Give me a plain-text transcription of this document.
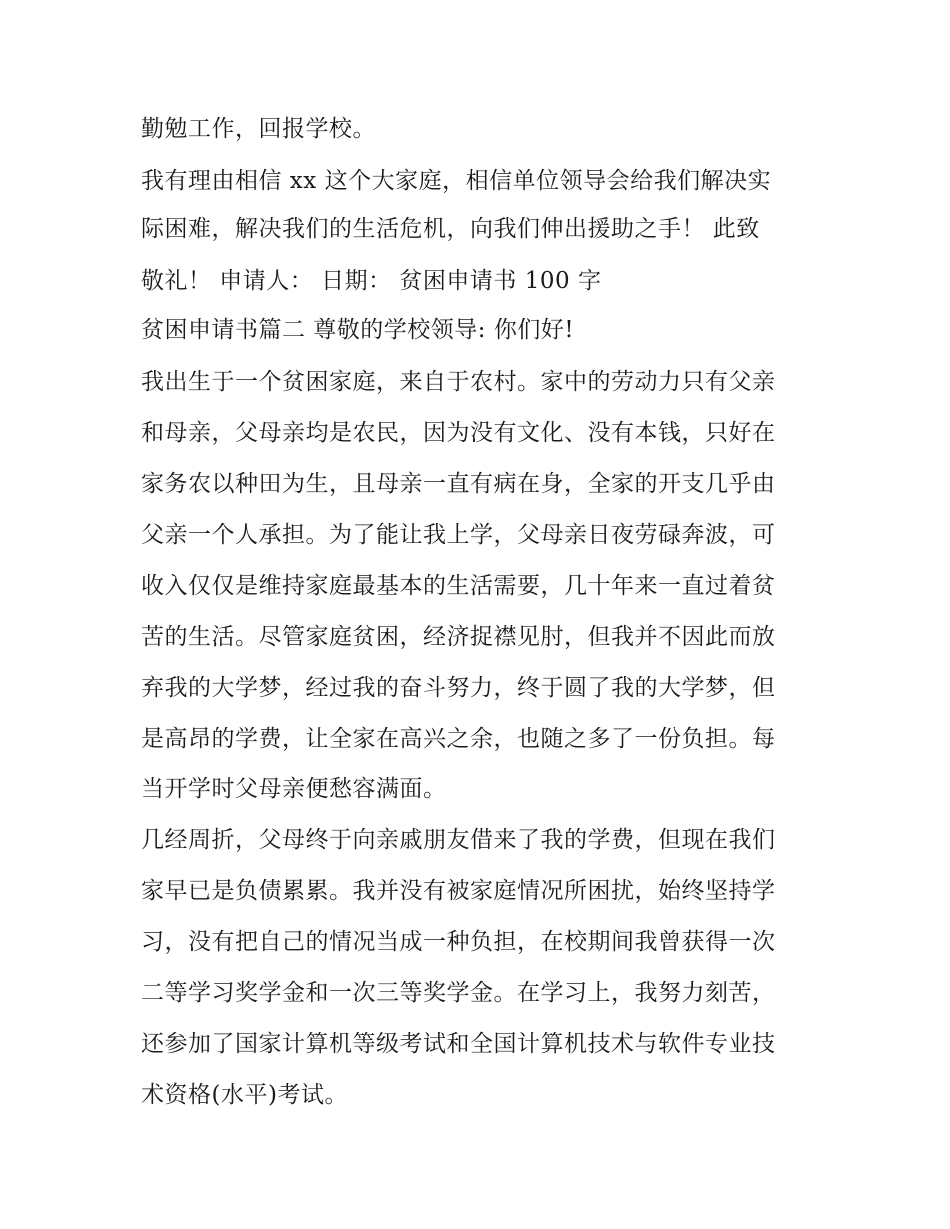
勤勉工作，回报学校。
我有理由相信 xx 这个大家庭，相信单位领导会给我们解决实
际困难，解决我们的生活危机，向我们伸出援助之手！ 此致
敬礼！ 申请人： 日期： 贫困申请书 100 字
贫困申请书篇二 尊敬的学校领导: 你们好!
我出生于一个贫困家庭，来自于农村。家中的劳动力只有父亲
和母亲，父母亲均是农民，因为没有文化、没有本钱，只好在
家务农以种田为生，且母亲一直有病在身，全家的开支几乎由
父亲一个人承担。为了能让我上学，父母亲日夜劳碌奔波，可
收入仅仅是维持家庭最基本的生活需要，几十年来一直过着贫
苦的生活。尽管家庭贫困，经济捉襟见肘，但我并不因此而放
弃我的大学梦，经过我的奋斗努力，终于圆了我的大学梦，但
是高昂的学费，让全家在高兴之余，也随之多了一份负担。每
当开学时父母亲便愁容满面。
几经周折，父母终于向亲戚朋友借来了我的学费，但现在我们
家早已是负债累累。我并没有被家庭情况所困扰，始终坚持学
习，没有把自己的情况当成一种负担，在校期间我曾获得一次
二等学习奖学金和一次三等奖学金。在学习上，我努力刻苦，
还参加了国家计算机等级考试和全国计算机技术与软件专业技
术资格(水平)考试。
